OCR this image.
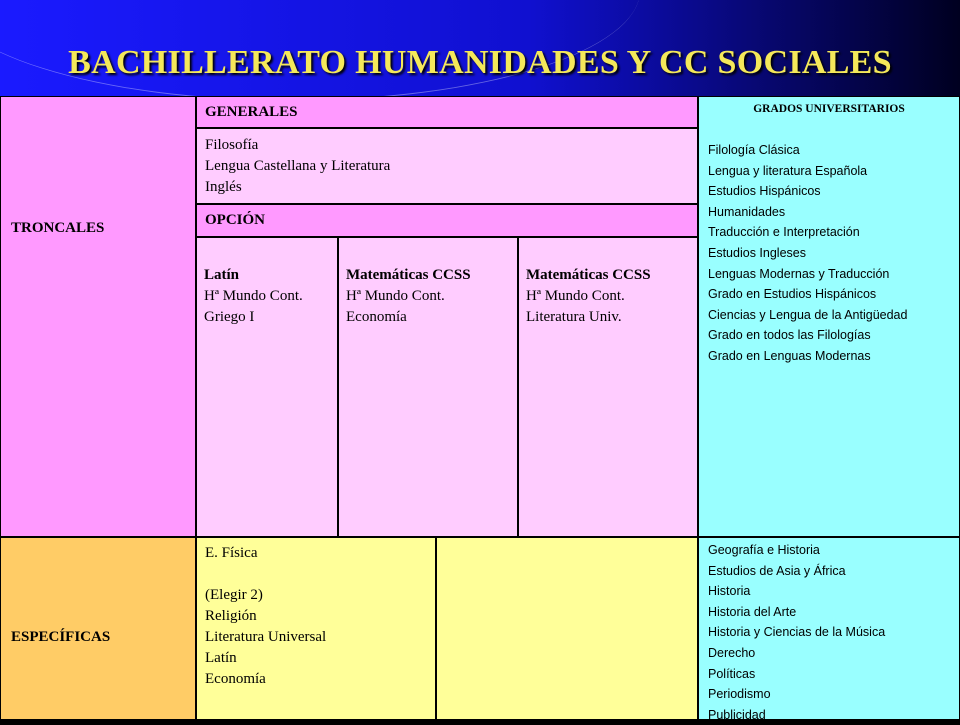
BACHILLERATO HUMANIDADES Y CC SOCIALES
TRONCALES
GENERALES
Filosofía
Lengua Castellana y Literatura
Inglés
OPCIÓN
Latín
Hª Mundo Cont.
Griego I
Matemáticas CCSS
Hª Mundo Cont.
Economía
Matemáticas CCSS
Hª Mundo Cont.
Literatura Univ.
ESPECÍFICAS
E. Física
(Elegir 2)
Religión
Literatura Universal
Latín
Economía
GRADOS UNIVERSITARIOS
Filología Clásica
Lengua y literatura Española
Estudios Hispánicos
Humanidades
Traducción e Interpretación
Estudios Ingleses
Lenguas Modernas y Traducción
Grado en Estudios Hispánicos
Ciencias y Lengua de la Antigüedad
Grado en todos las Filologías
Grado en Lenguas Modernas
Geografía e Historia
Estudios de Asia y África
Historia
Historia del Arte
Historia y Ciencias de la Música
Derecho
Políticas
Periodismo
Publicidad
